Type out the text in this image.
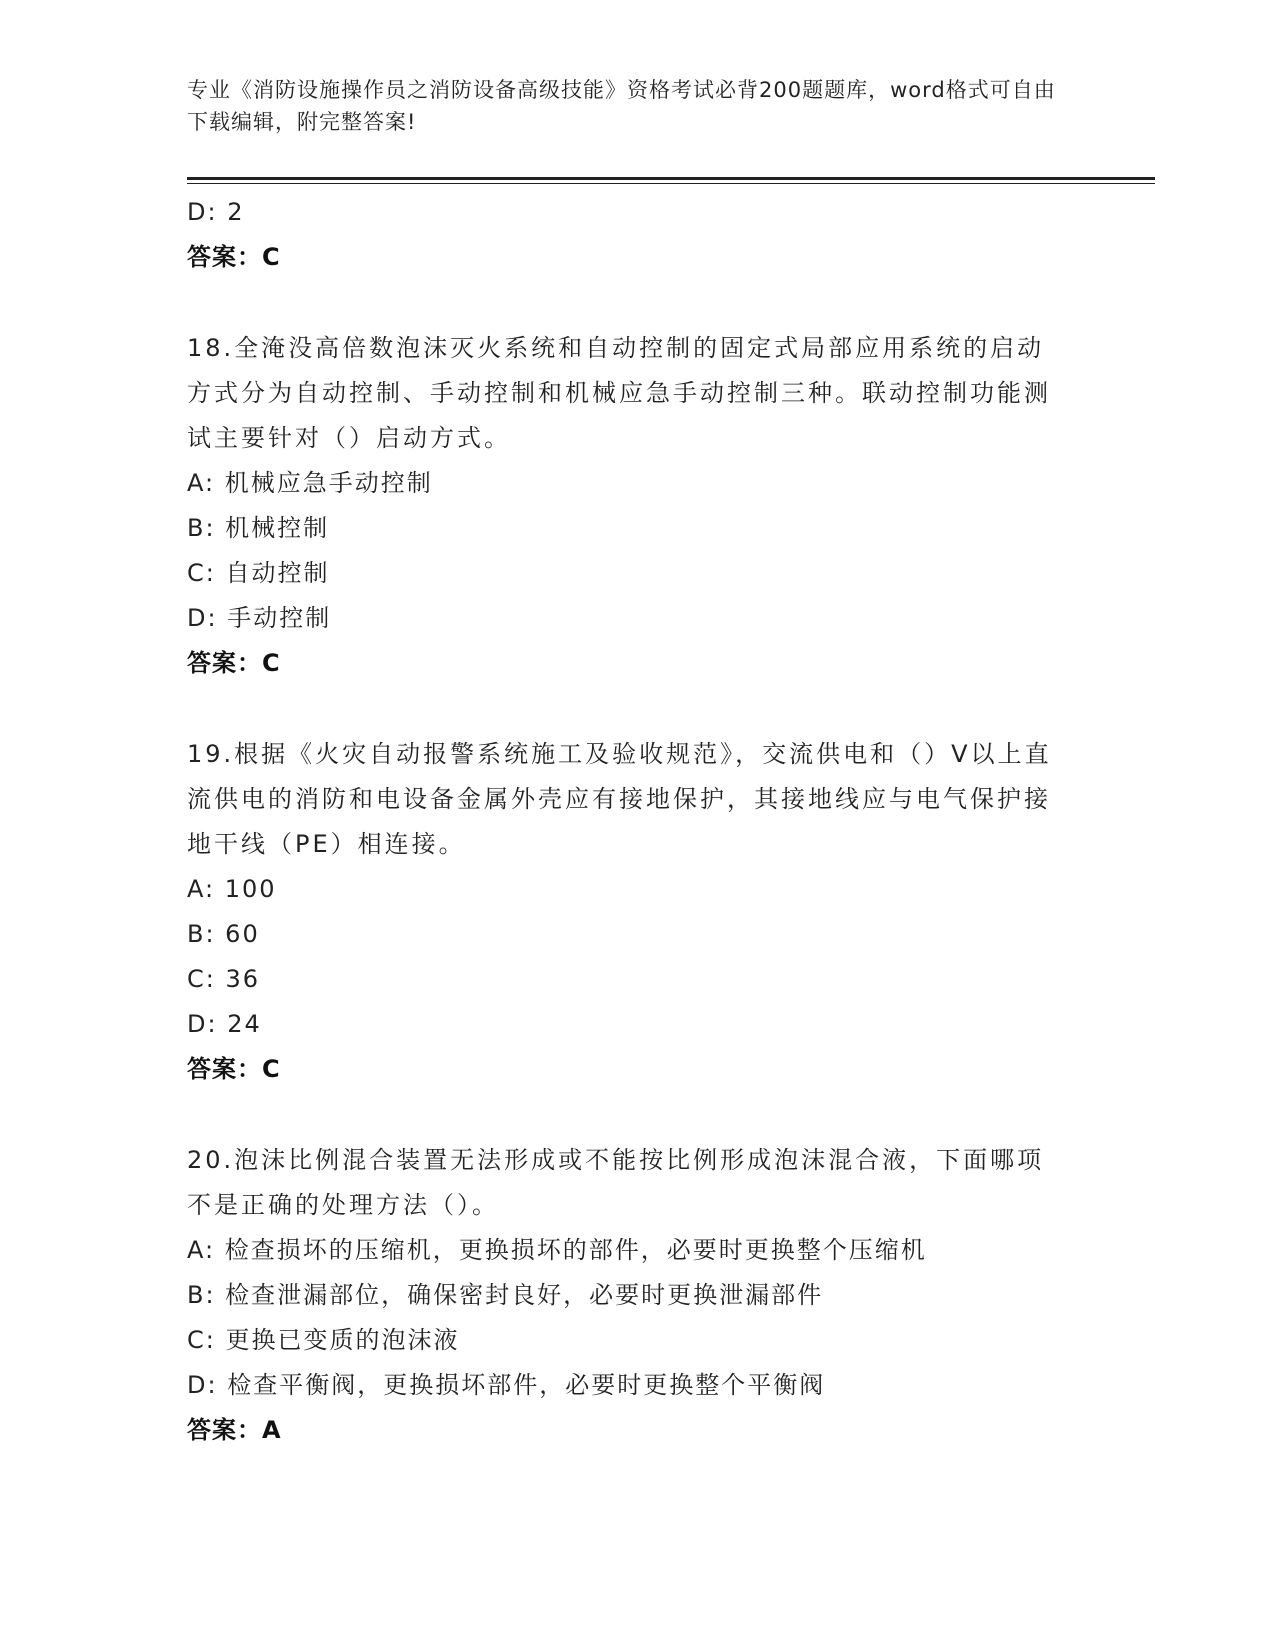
专业《消防设施操作员之消防设备高级技能》资格考试必背200题题库，word格式可自由下载编辑，附完整答案!
D: 2
答案：C
18.全淹没高倍数泡沫灭火系统和自动控制的固定式局部应用系统的启动方式分为自动控制、手动控制和机械应急手动控制三种。联动控制功能测试主要针对（）启动方式。
A: 机械应急手动控制
B: 机械控制
C: 自动控制
D: 手动控制
答案：C
19.根据《火灾自动报警系统施工及验收规范》，交流供电和（）V以上直流供电的消防和电设备金属外壳应有接地保护，其接地线应与电气保护接地干线（PE）相连接。
A: 100
B: 60
C: 36
D: 24
答案：C
20.泡沫比例混合装置无法形成或不能按比例形成泡沫混合液，下面哪项不是正确的处理方法（）。
A: 检查损坏的压缩机，更换损坏的部件，必要时更换整个压缩机
B: 检查泄漏部位，确保密封良好，必要时更换泄漏部件
C: 更换已变质的泡沫液
D: 检查平衡阀，更换损坏部件，必要时更换整个平衡阀
答案：A
